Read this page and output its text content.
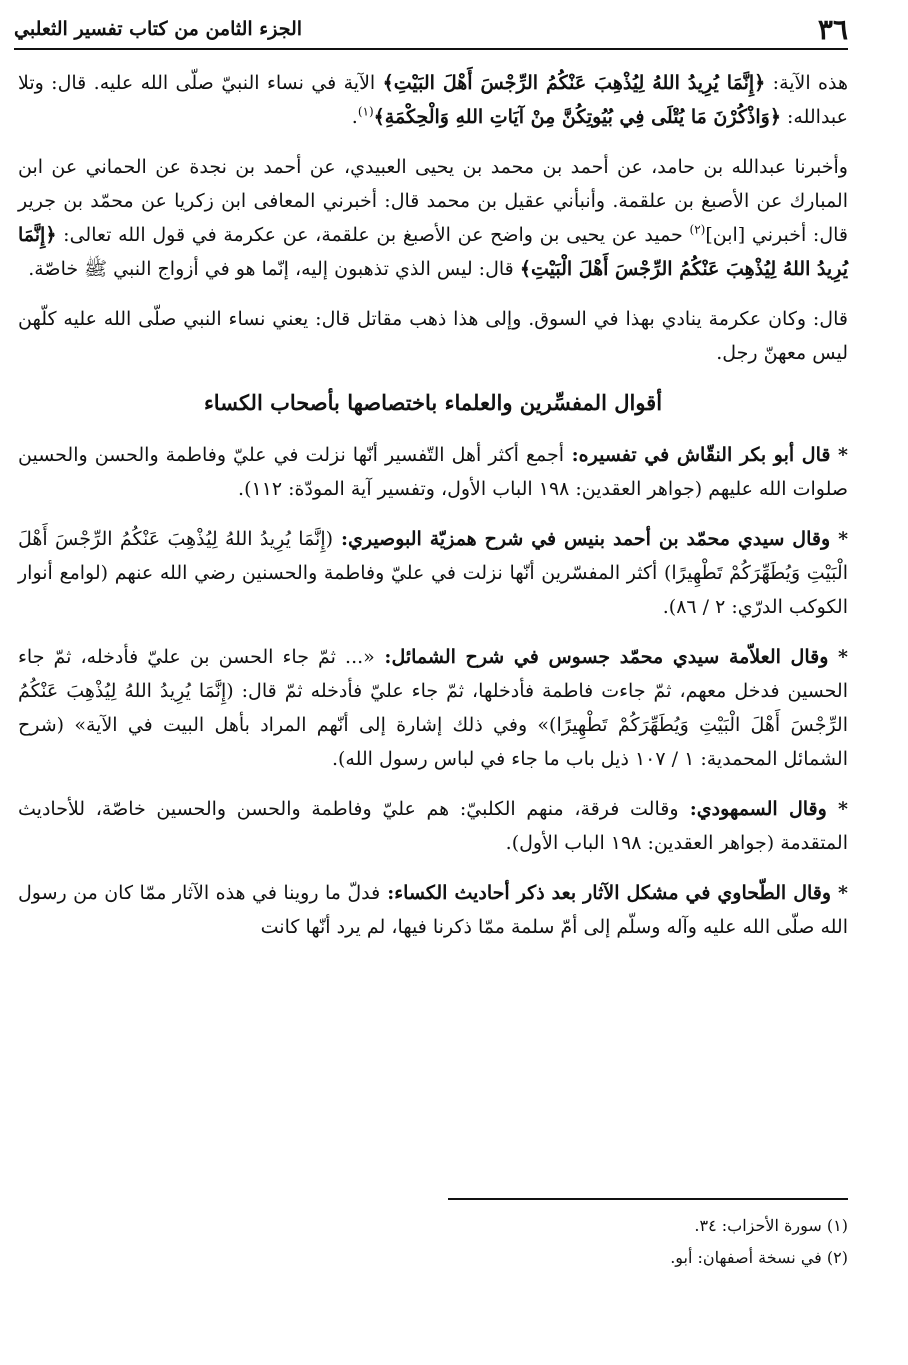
٣٦
الجزء الثامن من كتاب تفسير الثعلبي

هذه الآية: ﴿إِنَّمَا يُرِيدُ اللهُ لِيُذْهِبَ عَنْكُمُ الرِّجْسَ أَهْلَ البَيْتِ﴾ الآية في نساء النبيّ صلّى الله عليه. قال: وتلا عبدالله: ﴿وَاذْكُرْنَ مَا يُتْلَى فِي بُيُوتِكُنَّ مِنْ آيَاتِ اللهِ وَالْحِكْمَةِ﴾$^{(١)}$.

وأخبرنا عبدالله بن حامد، عن أحمد بن محمد بن يحيى العبيدي، عن أحمد بن نجدة عن الحماني عن ابن المبارك عن الأصبغ بن علقمة. وأنبأني عقيل بن محمد قال: أخبرني المعافى ابن زكريا عن محمّد بن جرير قال: أخبرني [ابن]$^{(٢)}$ حميد عن يحيى بن واضح عن الأصبغ بن علقمة، عن عكرمة في قول الله تعالى: ﴿إِنَّمَا يُرِيدُ اللهُ لِيُذْهِبَ عَنْكُمُ الرِّجْسَ أَهْلَ الْبَيْتِ﴾ قال: ليس الذي تذهبون إليه، إنّما هو في أزواج النبي ﷺ خاصّة.

قال: وكان عكرمة ينادي بهذا في السوق. وإلى هذا ذهب مقاتل قال: يعني نساء النبي صلّى الله عليه كلّهن ليس معهنّ رجل.

أقوال المفسِّرين والعلماء باختصاصها بأصحاب الكساء

* قال أبو بكر النقّاش في تفسيره: أجمع أكثر أهل التّفسير أنّها نزلت في عليّ وفاطمة والحسن والحسين صلوات الله عليهم (جواهر العقدين: ١٩٨ الباب الأول، وتفسير آية المودّة: ١١٢).

* وقال سيدي محمّد بن أحمد بنيس في شرح همزيّة البوصيري: (إِنَّمَا يُرِيدُ اللهُ لِيُذْهِبَ عَنْكُمُ الرِّجْسَ أَهْلَ الْبَيْتِ وَيُطَهِّرَكُمْ تَطْهِيرًا) أكثر المفسّرين أنّها نزلت في عليّ وفاطمة والحسنين رضي الله عنهم (لوامع أنوار الكوكب الدرّي: ٢ / ٨٦).

* وقال العلاّمة سيدي محمّد جسوس في شرح الشمائل: «... ثمّ جاء الحسن بن عليّ فأدخله، ثمّ جاء الحسين فدخل معهم، ثمّ جاءت فاطمة فأدخلها، ثمّ جاء عليّ فأدخله ثمّ قال: (إِنَّمَا يُرِيدُ اللهُ لِيُذْهِبَ عَنْكُمُ الرِّجْسَ أَهْلَ الْبَيْتِ وَيُطَهِّرَكُمْ تَطْهِيرًا)» وفي ذلك إشارة إلى أنّهم المراد بأهل البيت في الآية» (شرح الشمائل المحمدية: ١ / ١٠٧ ذيل باب ما جاء في لباس رسول الله).

* وقال السمهودي: وقالت فرقة، منهم الكلبيّ: هم عليّ وفاطمة والحسن والحسين خاصّة، للأحاديث المتقدمة (جواهر العقدين: ١٩٨ الباب الأول).

* وقال الطّحاوي في مشكل الآثار بعد ذكر أحاديث الكساء: فدلّ ما روينا في هذه الآثار ممّا كان من رسول الله صلّى الله عليه وآله وسلّم إلى أمّ سلمة ممّا ذكرنا فيها، لم يرد أنّها كانت

(١) سورة الأحزاب: ٣٤.

(٢) في نسخة أصفهان: أبو.
